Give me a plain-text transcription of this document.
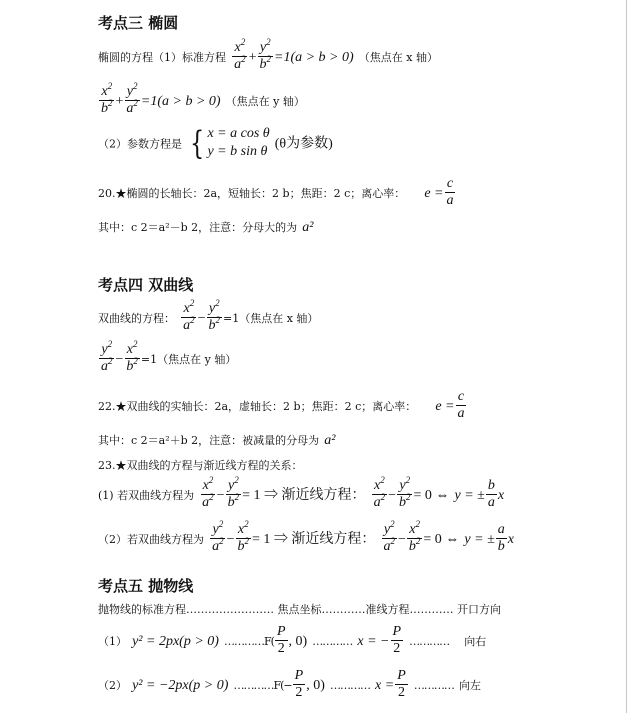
考点三 椭圆
椭圆的方程（1）标准方程 $\frac{x^2}{a^2} + \frac{y^2}{b^2} =1(a > b > 0)$ （焦点在 x 轴）
$\frac{x^2}{b^2} + \frac{y^2}{a^2} =1(a > b > 0)$ （焦点在 y 轴）
（2）参数方程是 { x = a cos θ
y = b sin θ (θ为参数)
20.★椭圆的长轴长：2a，短轴长：2 b；焦距：2 c；离心率： $e = \frac{c}{a}$
其中：c 2＝a²－b 2，注意：分母大的为 a²
考点四 双曲线
双曲线的方程： $\frac{x^2}{a^2} - \frac{y^2}{b^2} =1$（焦点在 x 轴）
$\frac{y^2}{a^2} - \frac{x^2}{b^2} =1$（焦点在 y 轴）
22.★双曲线的实轴长：2a，虚轴长：2 b；焦距：2 c；离心率： $e = \frac{c}{a}$
其中：c 2＝a²＋b 2，注意：被减量的分母为 a²
23.★双曲线的方程与渐近线方程的关系：
(1) 若双曲线方程为 $\frac{x^2}{a^2} - \frac{y^2}{b^2} = 1$ ⇒ 渐近线方程： $\frac{x^2}{a^2} - \frac{y^2}{b^2} = 0$ ⇔ y = ± $\frac{b}{a}$ x
（2）若双曲线方程为 $\frac{y^2}{a^2} - \frac{x^2}{b^2} = 1$ ⇒ 渐近线方程： $\frac{y^2}{a^2} - \frac{x^2}{b^2} = 0$ ⇔ y = ± $\frac{a}{b}$ x
考点五 抛物线
抛物线的标准方程…………………… 焦点坐标…………准线方程………… 开口方向
（1） y² = 2px(p > 0) …………F( $\frac{P}{2}$ , 0) ………… x = − $\frac{P}{2}$ ………… 向右
（2） y² = −2px(p > 0) …………F(− $\frac{P}{2}$ , 0) ………… $x = \frac{P}{2}$ ………… 向左
